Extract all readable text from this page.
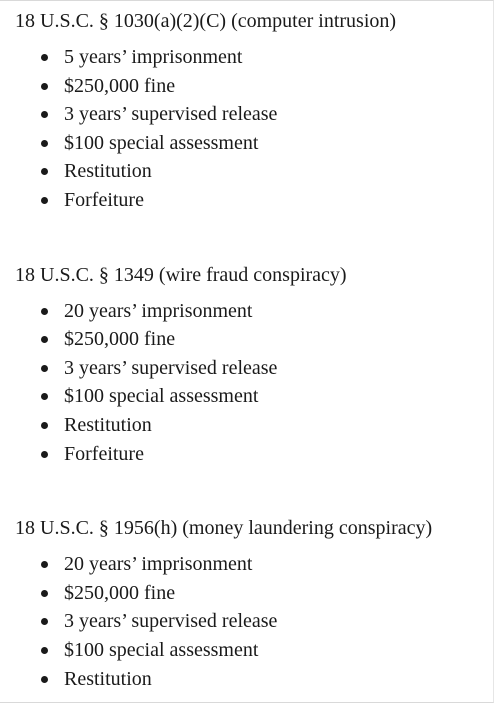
18 U.S.C. § 1030(a)(2)(C) (computer intrusion)

5 years’ imprisonment
$250,000 fine
3 years’ supervised release
$100 special assessment
Restitution
Forfeiture

18 U.S.C. § 1349 (wire fraud conspiracy)

20 years’ imprisonment
$250,000 fine
3 years’ supervised release
$100 special assessment
Restitution
Forfeiture

18 U.S.C. § 1956(h) (money laundering conspiracy)

20 years’ imprisonment
$250,000 fine
3 years’ supervised release
$100 special assessment
Restitution
